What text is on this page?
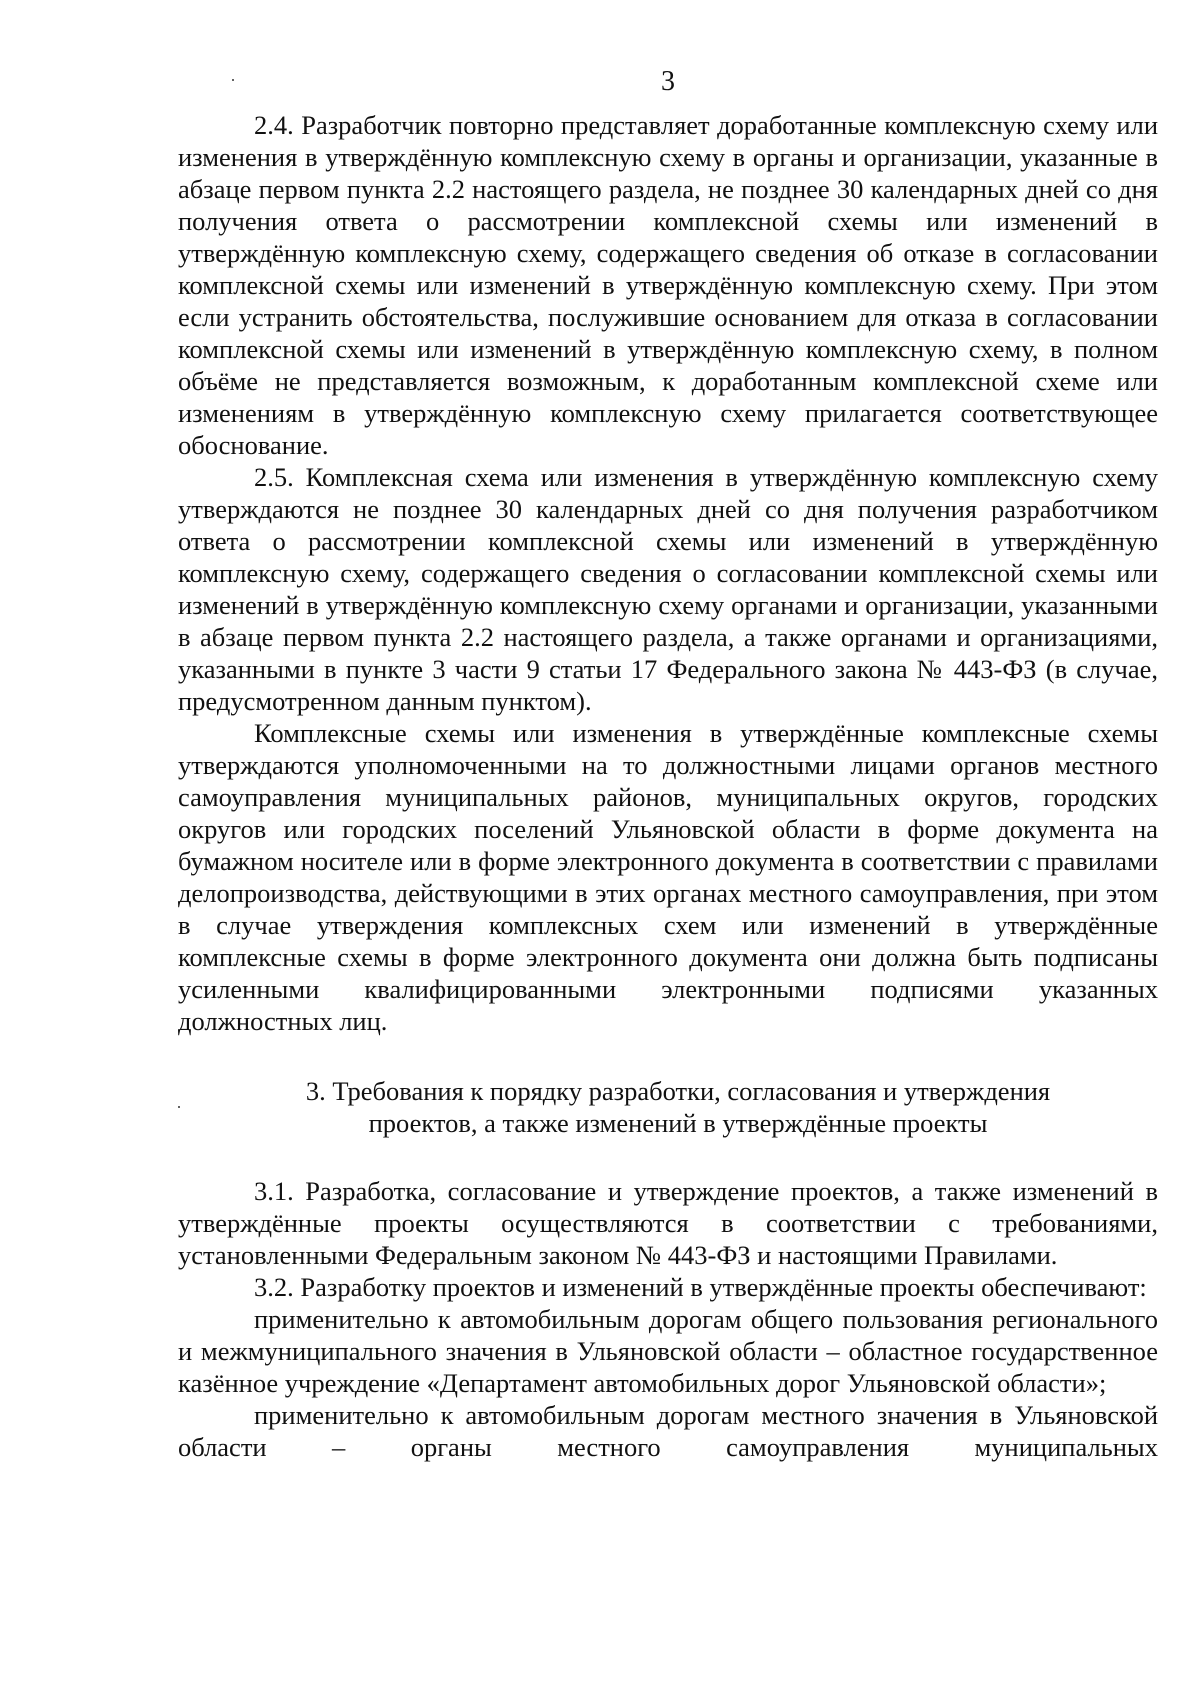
3

2.4. Разработчик повторно представляет доработанные комплексную схему или изменения в утверждённую комплексную схему в органы и организации, указанные в абзаце первом пункта 2.2 настоящего раздела, не позднее 30 календарных дней со дня получения ответа о рассмотрении комплексной схемы или изменений в утверждённую комплексную схему, содержащего сведения об отказе в согласовании комплексной схемы или изменений в утверждённую комплексную схему. При этом если устранить обстоятельства, послужившие основанием для отказа в согласовании комплексной схемы или изменений в утверждённую комплексную схему, в полном объёме не представляется возможным, к доработанным комплексной схеме или изменениям в утверждённую комплексную схему прилагается соответствующее обоснование.

2.5. Комплексная схема или изменения в утверждённую комплексную схему утверждаются не позднее 30 календарных дней со дня получения разработчиком ответа о рассмотрении комплексной схемы или изменений в утверждённую комплексную схему, содержащего сведения о согласовании комплексной схемы или изменений в утверждённую комплексную схему органами и организации, указанными в абзаце первом пункта 2.2 настоящего раздела, а также органами и организациями, указанными в пункте 3 части 9 статьи 17 Федерального закона № 443-ФЗ (в случае, предусмотренном данным пунктом).

Комплексные схемы или изменения в утверждённые комплексные схемы утверждаются уполномоченными на то должностными лицами органов местного самоуправления муниципальных районов, муниципальных округов, городских округов или городских поселений Ульяновской области в форме документа на бумажном носителе или в форме электронного документа в соответствии с правилами делопроизводства, действующими в этих органах местного самоуправления, при этом в случае утверждения комплексных схем или изменений в утверждённые комплексные схемы в форме электронного документа они должна быть подписаны усиленными квалифицированными электронными подписями указанных должностных лиц.

3. Требования к порядку разработки, согласования и утверждения
проектов, а также изменений в утверждённые проекты

3.1. Разработка, согласование и утверждение проектов, а также изменений в утверждённые проекты осуществляются в соответствии с требованиями, установленными Федеральным законом № 443-ФЗ и настоящими Правилами.

3.2. Разработку проектов и изменений в утверждённые проекты обеспечивают:

применительно к автомобильным дорогам общего пользования регионального и межмуниципального значения в Ульяновской области – областное государственное казённое учреждение «Департамент автомобильных дорог Ульяновской области»;

применительно к автомобильным дорогам местного значения в Ульяновской области – органы местного самоуправления муниципальных
